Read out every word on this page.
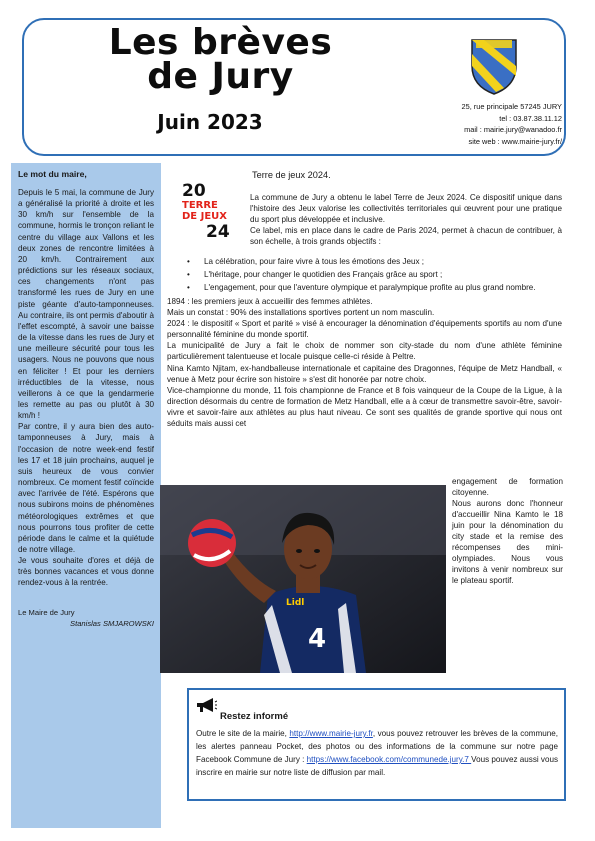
Les brèves
de Jury
Juin 2023
25, rue principale 57245 JURY
tel : 03.87.38.11.12
mail : mairie.jury@wanadoo.fr
site web : www.mairie-jury.fr/
Le mot du maire,

Depuis le 5 mai, la commune de Jury a généralisé la priorité à droite et les 30 km/h sur l'ensemble de la commune, hormis le tronçon reliant le centre du village aux Vallons et les deux zones de rencontre limitées à 20 km/h. Contrairement aux prédictions sur les réseaux sociaux, ces changements n'ont pas transformé les rues de Jury en une piste géante d'auto-tamponneuses. Au contraire, ils ont permis d'aboutir à l'effet escompté, à savoir une baisse de la vitesse dans les rues de Jury et une meilleure sécurité pour tous les usagers. Nous ne pouvons que nous en féliciter ! Et pour les derniers irréductibles de la vitesse, nous veillerons à ce que la gendarmerie les remette au pas ou plutôt à 30 km/h !

Par contre, il y aura bien des auto-tamponneuses à Jury, mais à l'occasion de notre week-end festif les 17 et 18 juin prochains, auquel je suis heureux de vous convier nombreux. Ce moment festif coïncide avec l'arrivée de l'été. Espérons que nous subirons moins de phénomènes météorologiques extrêmes et que nous pourrons tous profiter de cette période dans le calme et la quiétude de notre village.

Je vous souhaite d'ores et déjà de très bonnes vacances et vous donne rendez-vous à la rentrée.

Le Maire de Jury
Stanislas SMJAROWSKI
20
TERRE
DE JEUX
24
Terre de jeux 2024.

La commune de Jury a obtenu le label Terre de Jeux 2024. Ce dispositif unique dans l'histoire des Jeux valorise les collectivités territoriales qui œuvrent pour une pratique du sport plus développée et inclusive.

Ce label, mis en place dans le cadre de Paris 2024, permet à chacun de contribuer, à son échelle, à trois grands objectifs :

• La célébration, pour faire vivre à tous les émotions des Jeux ;
• L'héritage, pour changer le quotidien des Français grâce au sport ;
• L'engagement, pour que l'aventure olympique et paralympique profite au plus grand nombre.

1894 : les premiers jeux à accueillir des femmes athlètes.

Mais un constat : 90% des installations sportives portent un nom masculin.

2024 : le dispositif « Sport et parité » visé à encourager la dénomination d'équipements sportifs au nom d'une personnalité féminine du monde sportif.

La municipalité de Jury a fait le choix de nommer son city-stade du nom d'une athlète féminine particulièrement talentueuse et locale puisque celle-ci réside à Peltre.

Nina Kamto Njitam, ex-handballeuse internationale et capitaine des Dragonnes, l'équipe de Metz Handball, « venue à Metz pour écrire son histoire » s'est dit honorée par notre choix.

Vice-championne du monde, 11 fois championne de France et 8 fois vainqueur de la Coupe de la Ligue, à la direction désormais du centre de formation de Metz Handball, elle a à cœur de transmettre savoir-être, savoir-vivre et savoir-faire aux athlètes au plus haut niveau. Ce sont ses qualités de grande sportive qui nous ont séduits mais aussi cet

4
Lidl

engagement de formation citoyenne.

Nous aurons donc l'honneur d'accueillir Nina Kamto le 18 juin pour la dénomination du city stade et la remise des récompenses des mini-olympiades. Nous vous invitons à venir nombreux sur le plateau sportif.

Restez informé

Outre le site de la mairie, http://www.mairie-jury.fr, vous pouvez retrouver les brèves de la commune, les alertes panneau Pocket, des photos ou des informations de la commune sur notre page Facebook Commune de Jury : https://www.facebook.com/communede.jury.7 Vous pouvez aussi vous inscrire en mairie sur notre liste de diffusion par mail.
